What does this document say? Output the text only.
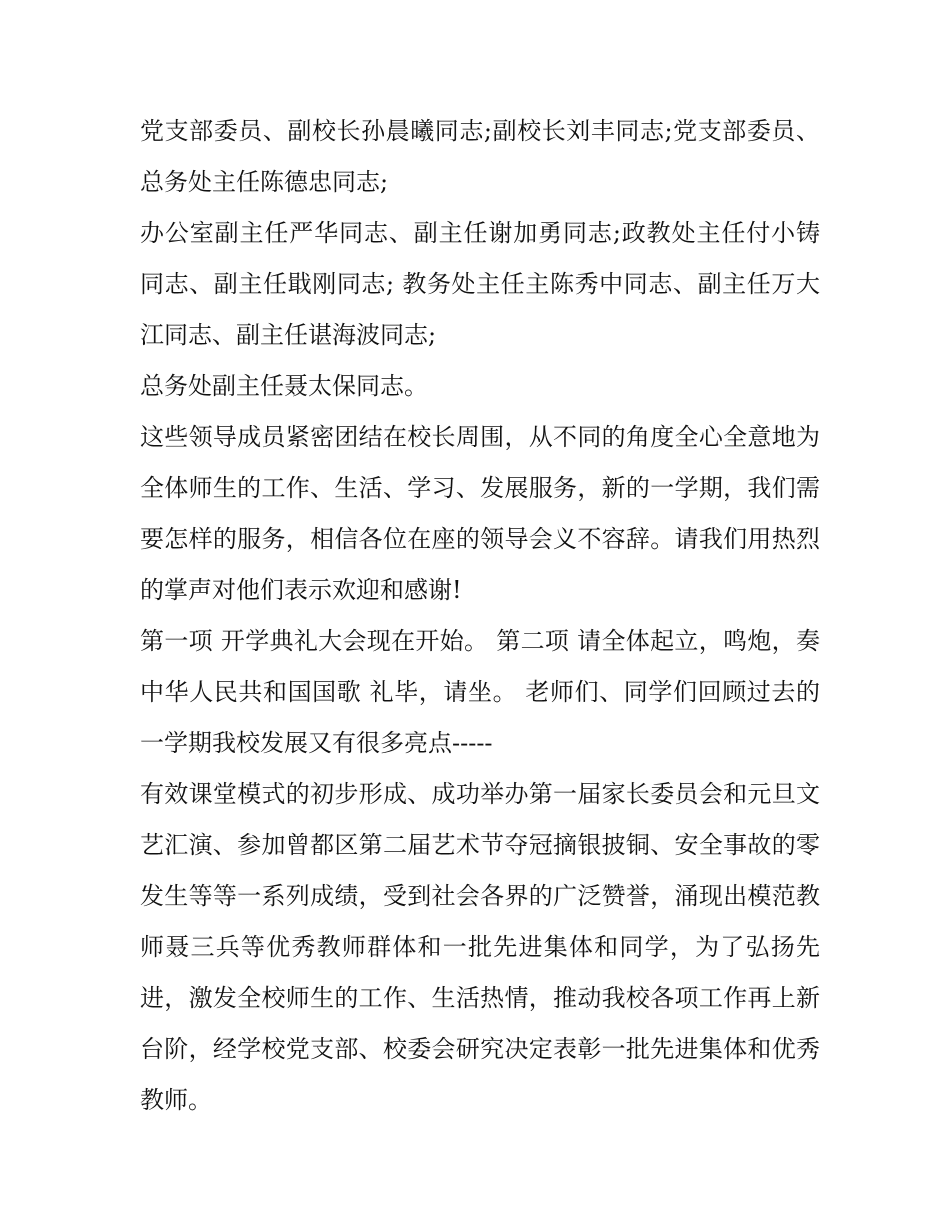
党支部委员、副校长孙晨曦同志;副校长刘丰同志;党支部委员、总务处主任陈德忠同志;

办公室副主任严华同志、副主任谢加勇同志;政教处主任付小铸同志、副主任戢刚同志; 教务处主任主陈秀中同志、副主任万大江同志、副主任谌海波同志;

总务处副主任聂太保同志。

这些领导成员紧密团结在校长周围，从不同的角度全心全意地为全体师生的工作、生活、学习、发展服务，新的一学期，我们需要怎样的服务，相信各位在座的领导会义不容辞。请我们用热烈的掌声对他们表示欢迎和感谢!

第一项 开学典礼大会现在开始。 第二项 请全体起立，鸣炮，奏中华人民共和国国歌 礼毕，请坐。 老师们、同学们回顾过去的一学期我校发展又有很多亮点-----

有效课堂模式的初步形成、成功举办第一届家长委员会和元旦文艺汇演、参加曾都区第二届艺术节夺冠摘银披铜、安全事故的零发生等等一系列成绩，受到社会各界的广泛赞誉，涌现出模范教师聂三兵等优秀教师群体和一批先进集体和同学，为了弘扬先进，激发全校师生的工作、生活热情，推动我校各项工作再上新台阶，经学校党支部、校委会研究决定表彰一批先进集体和优秀教师。
